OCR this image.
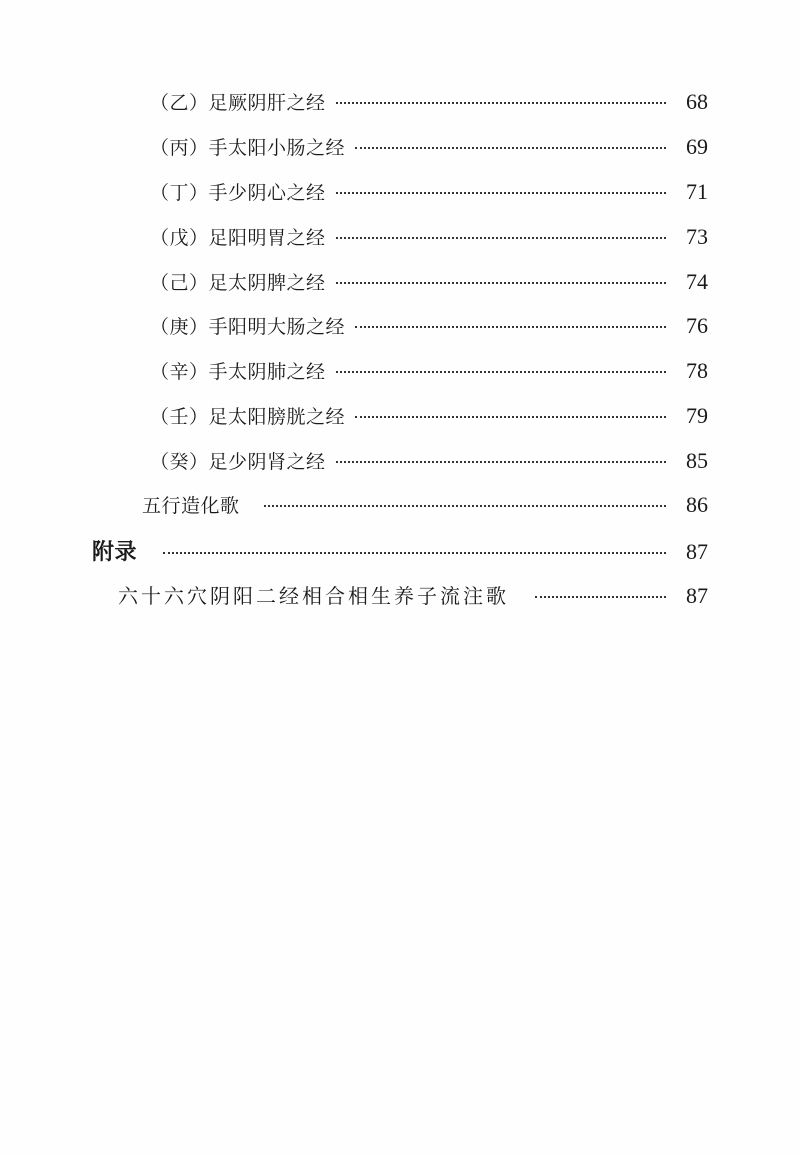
（乙）足厥阴肝之经	68
（丙）手太阳小肠之经	69
（丁）手少阴心之经	71
（戊）足阳明胃之经	73
（己）足太阴脾之经	74
（庚）手阳明大肠之经	76
（辛）手太阴肺之经	78
（壬）足太阳膀胱之经	79
（癸）足少阴肾之经	85
五行造化歌	86
附录	87
六十六穴阴阳二经相合相生养子流注歌	87
